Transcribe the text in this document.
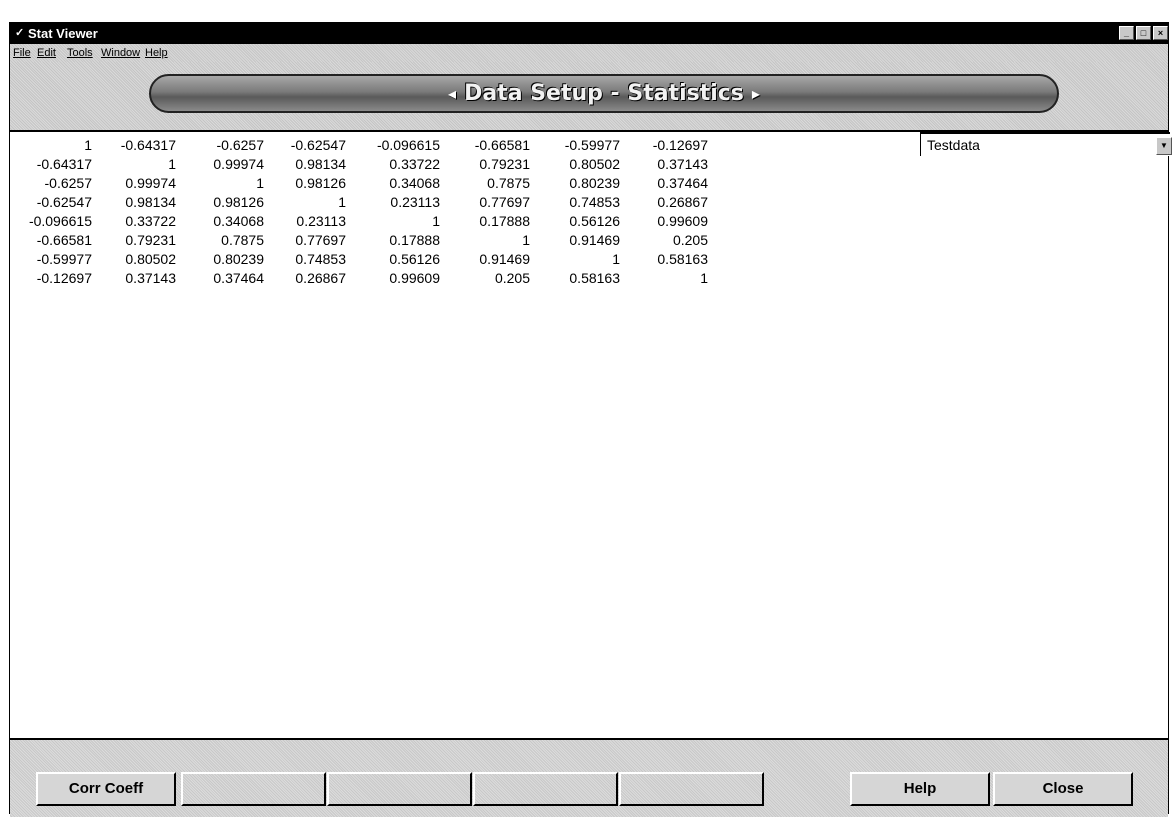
✓ Stat Viewer	_	□	×
File Edit Tools Window Help
◂ Data Setup - Statistics ▸
1	-0.64317	-0.6257	-0.62547	-0.096615	-0.66581	-0.59977	-0.12697
-0.64317	1	0.99974	0.98134	0.33722	0.79231	0.80502	0.37143
-0.6257	0.99974	1	0.98126	0.34068	0.7875	0.80239	0.37464
-0.62547	0.98134	0.98126	1	0.23113	0.77697	0.74853	0.26867
-0.096615	0.33722	0.34068	0.23113	1	0.17888	0.56126	0.99609
-0.66581	0.79231	0.7875	0.77697	0.17888	1	0.91469	0.205
-0.59977	0.80502	0.80239	0.74853	0.56126	0.91469	1	0.58163
-0.12697	0.37143	0.37464	0.26867	0.99609	0.205	0.58163	1
Testdata	▼
Corr Coeff	Help	Close
